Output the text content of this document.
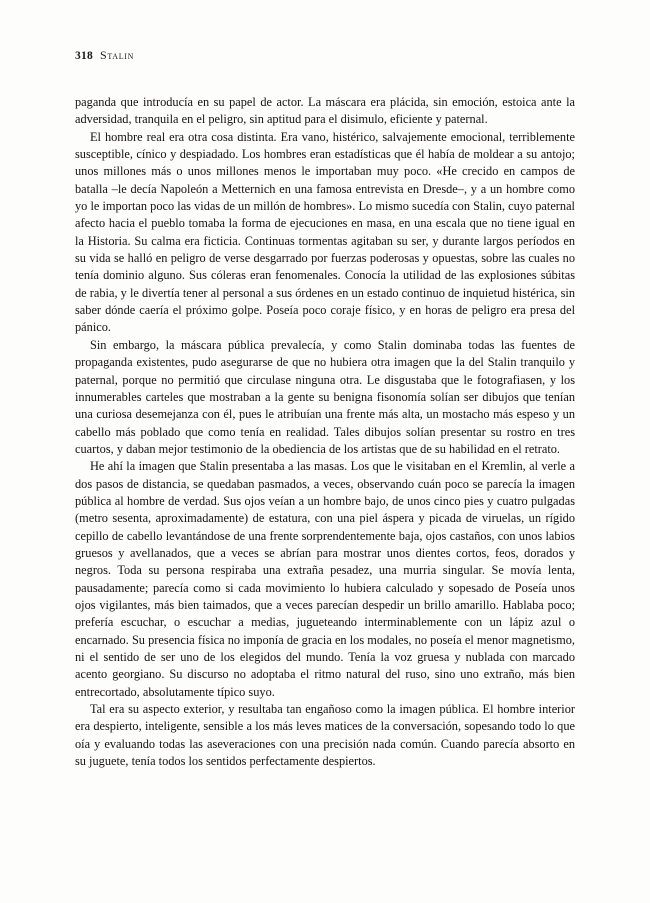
318 Stalin

paganda que introducía en su papel de actor. La máscara era plácida, sin emoción, estoica ante la adversidad, tranquila en el peligro, sin aptitud para el disimulo, eficiente y paternal.

El hombre real era otra cosa distinta. Era vano, histérico, salvajemente emocional, terriblemente susceptible, cínico y despiadado. Los hombres eran estadísticas que él había de moldear a su antojo; unos millones más o unos millones menos le importaban muy poco. «He crecido en campos de batalla –le decía Napoleón a Metternich en una famosa entrevista en Dresde–, y a un hombre como yo le importan poco las vidas de un millón de hombres». Lo mismo sucedía con Stalin, cuyo paternal afecto hacia el pueblo tomaba la forma de ejecuciones en masa, en una escala que no tiene igual en la Historia. Su calma era ficticia. Continuas tormentas agitaban su ser, y durante largos períodos en su vida se halló en peligro de verse desgarrado por fuerzas poderosas y opuestas, sobre las cuales no tenía dominio alguno. Sus cóleras eran fenomenales. Conocía la utilidad de las explosiones súbitas de rabia, y le divertía tener al personal a sus órdenes en un estado continuo de inquietud histérica, sin saber dónde caería el próximo golpe. Poseía poco coraje físico, y en horas de peligro era presa del pánico.

Sin embargo, la máscara pública prevalecía, y como Stalin dominaba todas las fuentes de propaganda existentes, pudo asegurarse de que no hubiera otra imagen que la del Stalin tranquilo y paternal, porque no permitió que circulase ninguna otra. Le disgustaba que le fotografiasen, y los innumerables carteles que mostraban a la gente su benigna fisonomía solían ser dibujos que tenían una curiosa desemejanza con él, pues le atribuían una frente más alta, un mostacho más espeso y un cabello más poblado que como tenía en realidad. Tales dibujos solían presentar su rostro en tres cuartos, y daban mejor testimonio de la obediencia de los artistas que de su habilidad en el retrato.

He ahí la imagen que Stalin presentaba a las masas. Los que le visitaban en el Kremlin, al verle a dos pasos de distancia, se quedaban pasmados, a veces, observando cuán poco se parecía la imagen pública al hombre de verdad. Sus ojos veían a un hombre bajo, de unos cinco pies y cuatro pulgadas (metro sesenta, aproximadamente) de estatura, con una piel áspera y picada de viruelas, un rígido cepillo de cabello levantándose de una frente sorprendentemente baja, ojos castaños, con unos labios gruesos y avellanados, que a veces se abrían para mostrar unos dientes cortos, feos, dorados y negros. Toda su persona respiraba una extraña pesadez, una murria singular. Se movía lenta, pausadamente; parecía como si cada movimiento lo hubiera calculado y sopesado de Poseía unos ojos vigilantes, más bien taimados, que a veces parecían despedir un brillo amarillo. Hablaba poco; prefería escuchar, o escuchar a medias, jugueteando interminablemente con un lápiz azul o encarnado. Su presencia física no imponía de gracia en los modales, no poseía el menor magnetismo, ni el sentido de ser uno de los elegidos del mundo. Tenía la voz gruesa y nublada con marcado acento georgiano. Su discurso no adoptaba el ritmo natural del ruso, sino uno extraño, más bien entrecortado, absolutamente típico suyo.

Tal era su aspecto exterior, y resultaba tan engañoso como la imagen pública. El hombre interior era despierto, inteligente, sensible a los más leves matices de la conversación, sopesando todo lo que oía y evaluando todas las aseveraciones con una precisión nada común. Cuando parecía absorto en su juguete, tenía todos los sentidos perfectamente despiertos.
